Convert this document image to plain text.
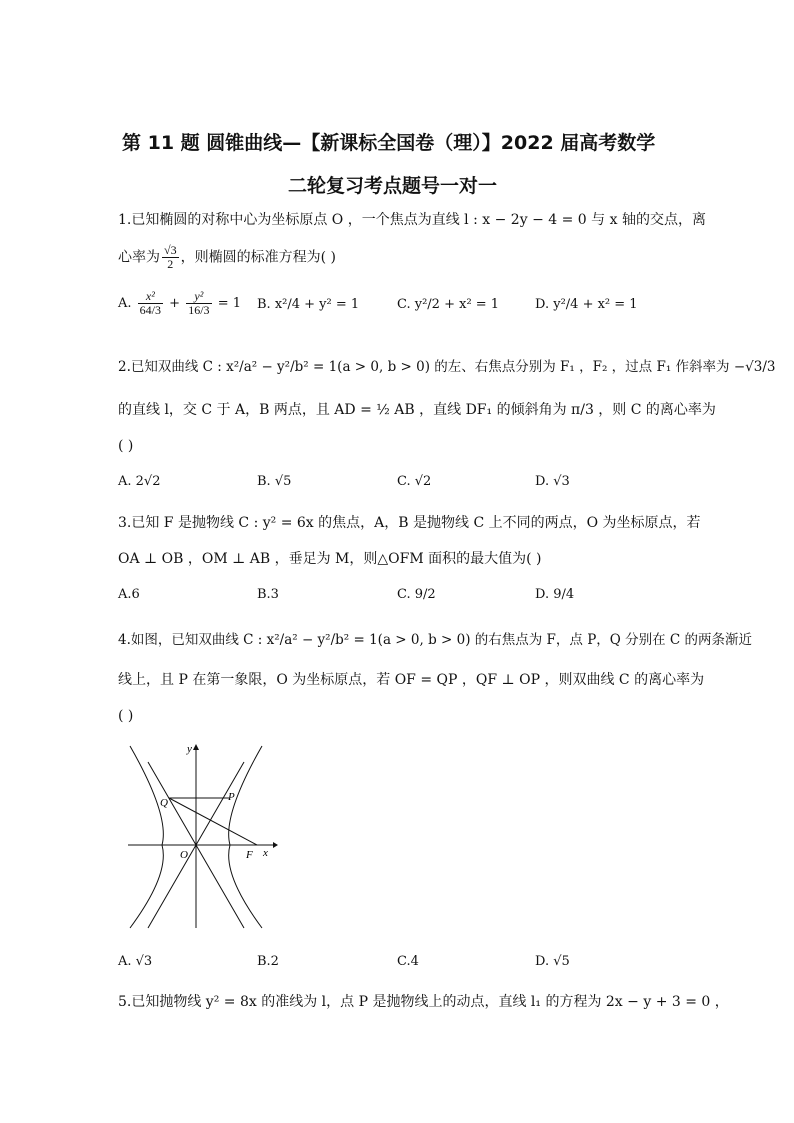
第 11 题 圆锥曲线—【新课标全国卷（理）】2022 届高考数学
二轮复习考点题号一对一
1.已知椭圆的对称中心为坐标原点 O ，一个焦点为直线 l : x − 2y − 4 = 0 与 x 轴的交点，离
心率为 $\frac{√3}{2}$ ，则椭圆的标准方程为( )
A. $\frac{\text{x²}}{64/3} + \frac{\text{y²}}{16/3} = 1$ B. x²/4 + y² = 1	C. y²/2 + x² = 1	D. y²/4 + x² = 1
2.已知双曲线 C : x²/a² − y²/b² = 1(a > 0, b > 0) 的左、右焦点分别为 F₁ ，F₂ ，过点 F₁ 作斜率为 −√3/3
的直线 l，交 C 于 A，B 两点，且 AD = ½ AB ，直线 DF₁ 的倾斜角为 π/3 ，则 C 的离心率为
( )
A. 2√2	B. √5	C. √2	D. √3
3.已知 F 是抛物线 C : y² = 6x 的焦点，A，B 是抛物线 C 上不同的两点，O 为坐标原点，若
OA ⊥ OB ，OM ⊥ AB ，垂足为 M，则△OFM 面积的最大值为( )
A.6	B.3	C. 9/2	D. 9/4
4.如图，已知双曲线 C : x²/a² − y²/b² = 1(a > 0, b > 0) 的右焦点为 F，点 P，Q 分别在 C 的两条渐近
线上，且 P 在第一象限，O 为坐标原点，若 OF = QP ，QF ⊥ OP ，则双曲线 C 的离心率为
( )
y
x
Q	P
O	F
A. √3	B.2	C.4	D. √5
5.已知抛物线 y² = 8x 的准线为 l，点 P 是抛物线上的动点，直线 l₁ 的方程为 2x − y + 3 = 0 ，
